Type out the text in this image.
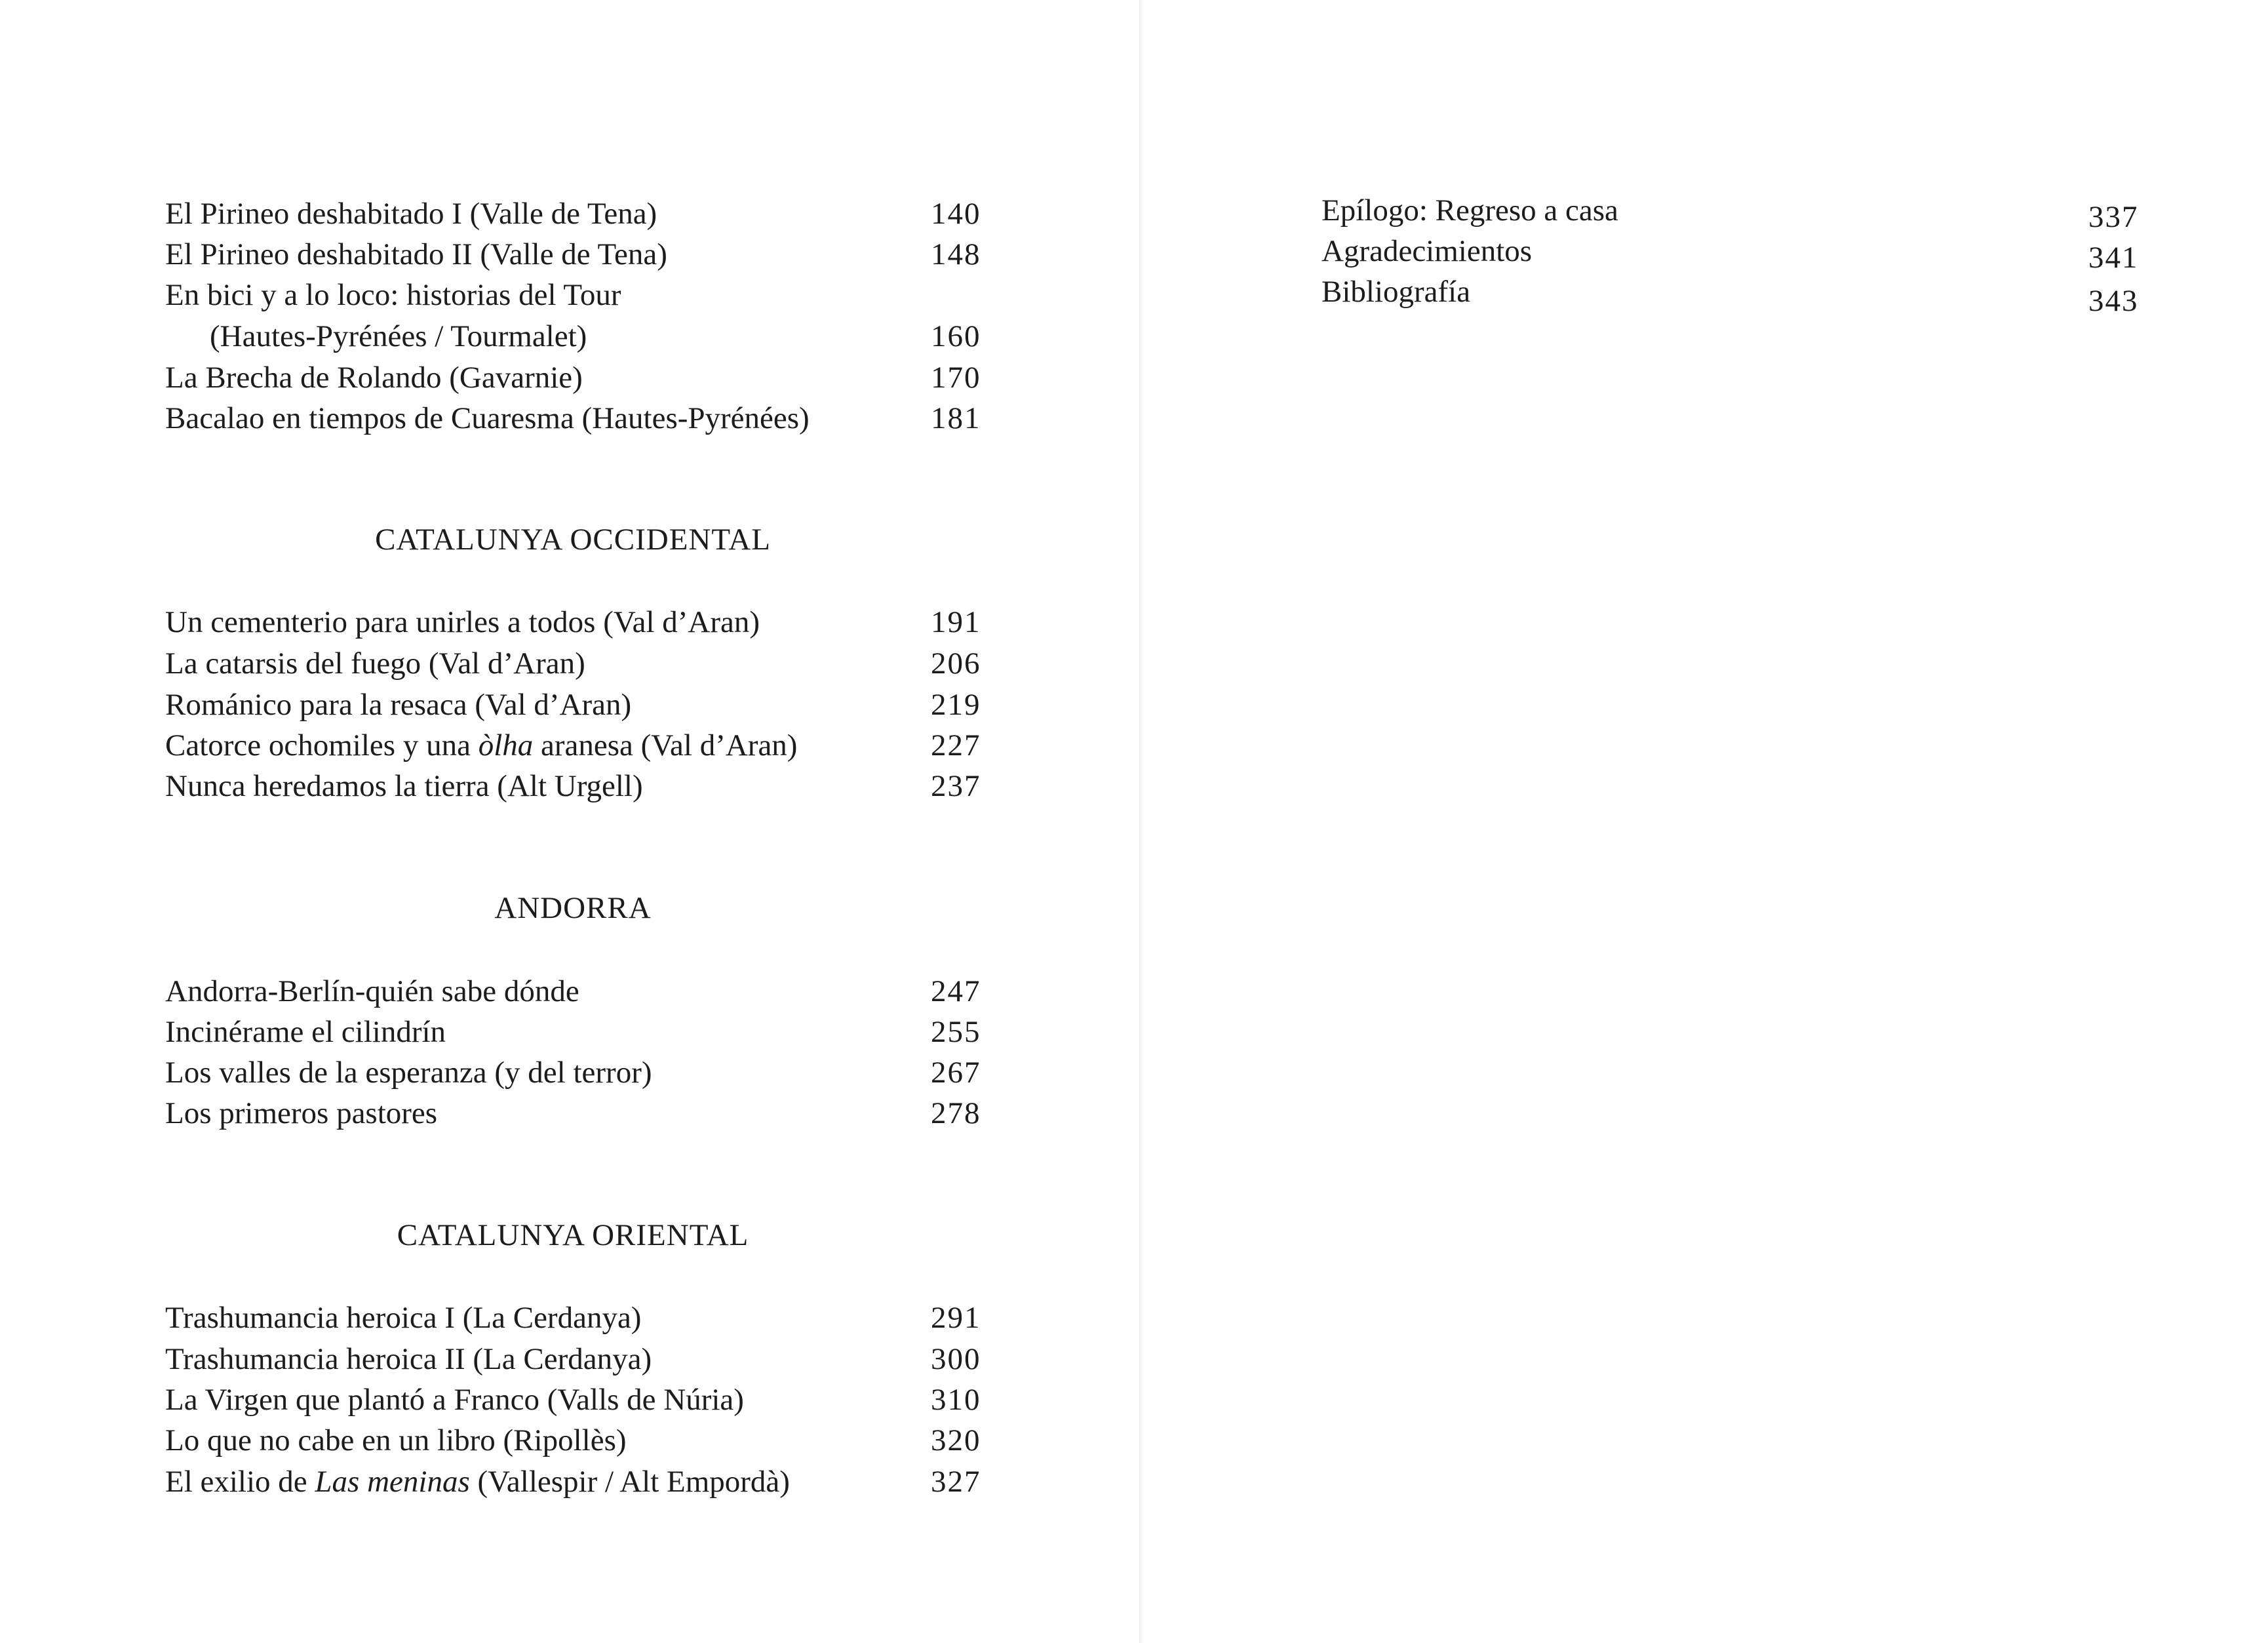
El Pirineo deshabitado I (Valle de Tena)	140
El Pirineo deshabitado II (Valle de Tena)	148
En bici y a lo loco: historias del Tour
(Hautes-Pyrénées / Tourmalet)	160
La Brecha de Rolando (Gavarnie)	170
Bacalao en tiempos de Cuaresma (Hautes-Pyrénées)	181
CATALUNYA OCCIDENTAL
Un cementerio para unirles a todos (Val d’Aran)	191
La catarsis del fuego (Val d’Aran)	206
Románico para la resaca (Val d’Aran)	219
Catorce ochomiles y una òlha aranesa (Val d’Aran)	227
Nunca heredamos la tierra (Alt Urgell)	237
ANDORRA
Andorra-Berlín-quién sabe dónde	247
Incinérame el cilindrín	255
Los valles de la esperanza (y del terror)	267
Los primeros pastores	278
CATALUNYA ORIENTAL
Trashumancia heroica I (La Cerdanya)	291
Trashumancia heroica II (La Cerdanya)	300
La Virgen que plantó a Franco (Valls de Núria)	310
Lo que no cabe en un libro (Ripollès)	320
El exilio de Las meninas (Vallespir / Alt Empordà)	327
Epílogo: Regreso a casa	337
Agradecimientos	341
Bibliografía	343
